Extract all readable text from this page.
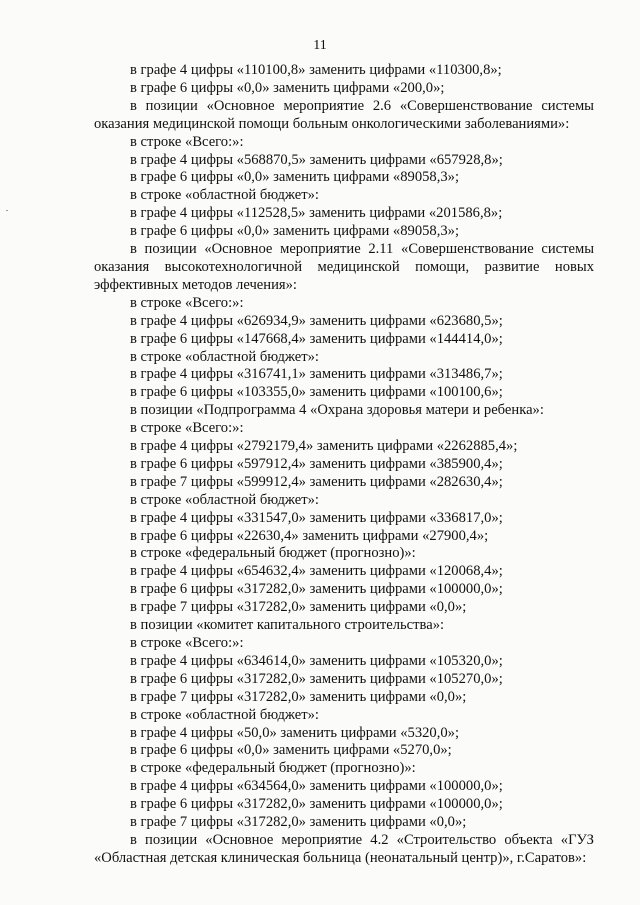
11
в графе 4 цифры «110100,8» заменить цифрами «110300,8»;
в графе 6 цифры «0,0» заменить цифрами «200,0»;
в позиции «Основное мероприятие 2.6 «Совершенствование системы
оказания медицинской помощи больным онкологическими заболеваниями»:
в строке «Всего:»:
в графе 4 цифры «568870,5» заменить цифрами «657928,8»;
в графе 6 цифры «0,0» заменить цифрами «89058,3»;
в строке «областной бюджет»:
в графе 4 цифры «112528,5» заменить цифрами «201586,8»;
в графе 6 цифры «0,0» заменить цифрами «89058,3»;
в позиции «Основное мероприятие 2.11 «Совершенствование системы
оказания высокотехнологичной медицинской помощи, развитие новых
эффективных методов лечения»:
в строке «Всего:»:
в графе 4 цифры «626934,9» заменить цифрами «623680,5»;
в графе 6 цифры «147668,4» заменить цифрами «144414,0»;
в строке «областной бюджет»:
в графе 4 цифры «316741,1» заменить цифрами «313486,7»;
в графе 6 цифры «103355,0» заменить цифрами «100100,6»;
в позиции «Подпрограмма 4 «Охрана здоровья матери и ребенка»:
в строке «Всего:»:
в графе 4 цифры «2792179,4» заменить цифрами «2262885,4»;
в графе 6 цифры «597912,4» заменить цифрами «385900,4»;
в графе 7 цифры «599912,4» заменить цифрами «282630,4»;
в строке «областной бюджет»:
в графе 4 цифры «331547,0» заменить цифрами «336817,0»;
в графе 6 цифры «22630,4» заменить цифрами «27900,4»;
в строке «федеральный бюджет (прогнозно)»:
в графе 4 цифры «654632,4» заменить цифрами «120068,4»;
в графе 6 цифры «317282,0» заменить цифрами «100000,0»;
в графе 7 цифры «317282,0» заменить цифрами «0,0»;
в позиции «комитет капитального строительства»:
в строке «Всего:»:
в графе 4 цифры «634614,0» заменить цифрами «105320,0»;
в графе 6 цифры «317282,0» заменить цифрами «105270,0»;
в графе 7 цифры «317282,0» заменить цифрами «0,0»;
в строке «областной бюджет»:
в графе 4 цифры «50,0» заменить цифрами «5320,0»;
в графе 6 цифры «0,0» заменить цифрами «5270,0»;
в строке «федеральный бюджет (прогнозно)»:
в графе 4 цифры «634564,0» заменить цифрами «100000,0»;
в графе 6 цифры «317282,0» заменить цифрами «100000,0»;
в графе 7 цифры «317282,0» заменить цифрами «0,0»;
в позиции «Основное мероприятие 4.2 «Строительство объекта «ГУЗ
«Областная детская клиническая больница (неонатальный центр)», г.Саратов»:
